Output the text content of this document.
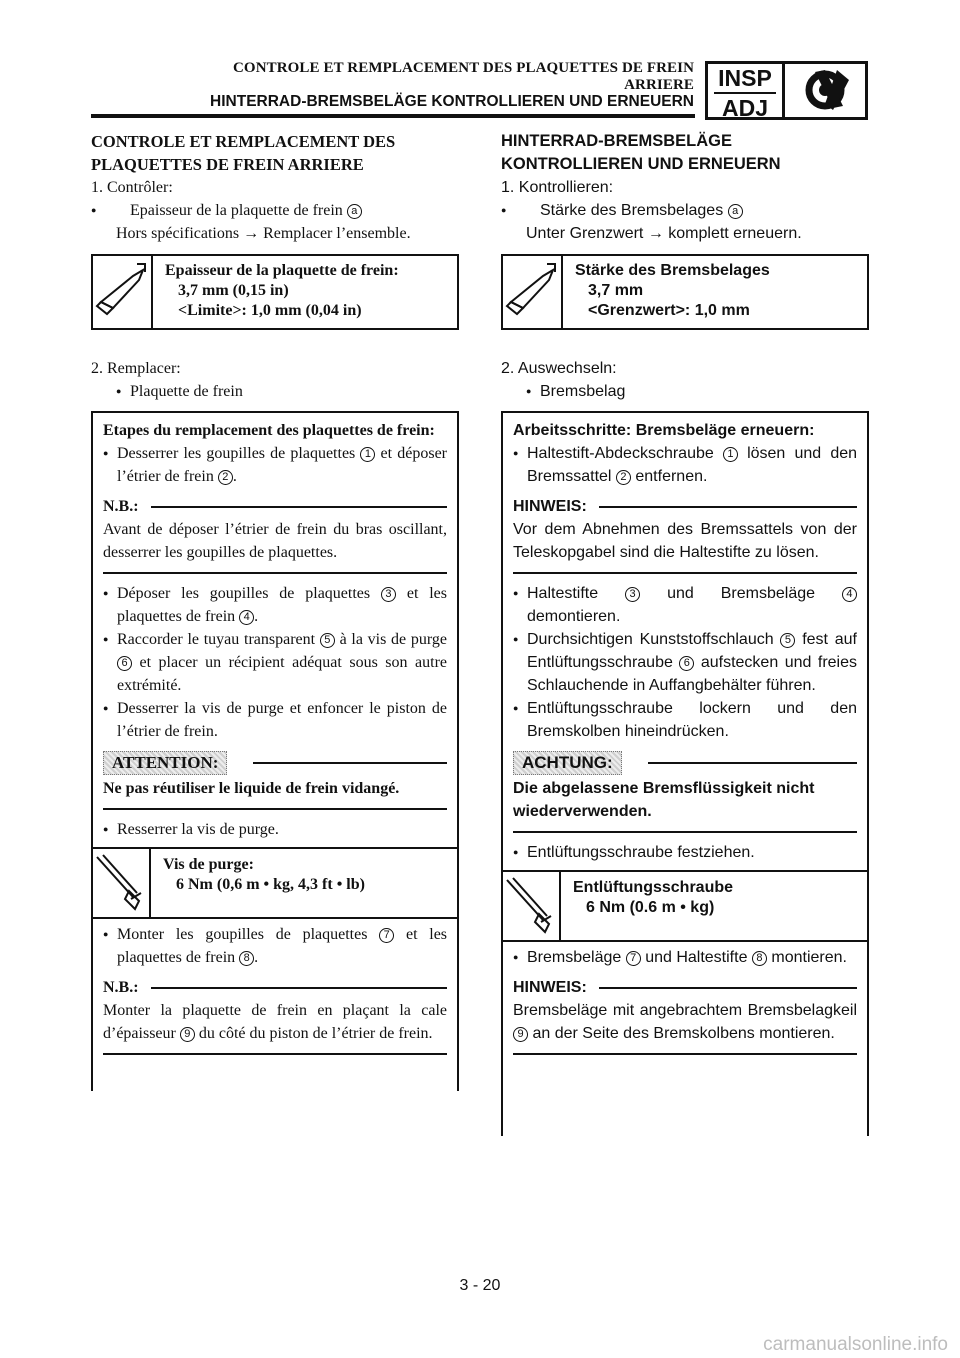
CONTROLE ET REMPLACEMENT DES PLAQUETTES DE FREIN
ARRIERE
HINTERRAD-BREMSBELÄGE KONTROLLIEREN UND ERNEUERN
INSP
ADJ
CONTROLE ET REMPLACEMENT DES
PLAQUETTES DE FREIN ARRIERE
1. Contrôler:
● Epaisseur de la plaquette de frein a
Hors spécifications → Remplacer l’ensemble.
Epaisseur de la plaquette de frein:
3,7 mm (0,15 in)
<Limite>: 1,0 mm (0,04 in)
2. Remplacer:
● Plaquette de frein
Etapes du remplacement des plaquettes de frein:
● Desserrer les goupilles de plaquettes 1 et déposer l’étrier de frein 2 .
N.B.:
Avant de déposer l’étrier de frein du bras oscillant, desserrer les goupilles de plaquettes.
● Déposer les goupilles de plaquettes 3 et les plaquettes de frein 4 .
● Raccorder le tuyau transparent 5 à la vis de purge 6 et placer un récipient adéquat sous son autre extrémité.
● Desserrer la vis de purge et enfoncer le piston de l’étrier de frein.
ATTENTION:
Ne pas réutiliser le liquide de frein vidangé.
● Resserrer la vis de purge.
Vis de purge:
6 Nm (0,6 m • kg, 4,3 ft • lb)
● Monter les goupilles de plaquettes 7 et les plaquettes de frein 8 .
N.B.:
Monter la plaquette de frein en plaçant la cale d’épaisseur 9 du côté du piston de l’étrier de frein.
HINTERRAD-BREMSBELÄGE
KONTROLLIEREN UND ERNEUERN
1. Kontrollieren:
● Stärke des Bremsbelages a
Unter Grenzwert → komplett erneuern.
Stärke des Bremsbelages
3,7 mm
<Grenzwert>: 1,0 mm
2. Auswechseln:
● Bremsbelag
Arbeitsschritte: Bremsbeläge erneuern:
● Haltestift-Abdeckschraube 1 lösen und den Bremssattel 2 entfernen.
HINWEIS:
Vor dem Abnehmen des Bremssattels von der Teleskopgabel sind die Haltestifte zu lösen.
● Haltestifte	3 und Bremsbeläge	4 demontieren.
● Durchsichtigen Kunststoffschlauch 5 fest auf Entlüftungsschraube 6 aufstecken und freies Schlauchende in Auffangbehälter führen.
● Entlüftungsschraube lockern und den Bremskolben hineindrücken.
ACHTUNG:
Die abgelassene Bremsflüssigkeit nicht wiederverwenden.
● Entlüftungsschraube festziehen.
Entlüftungsschraube
6 Nm (0.6 m • kg)
● Bremsbeläge 7 und Haltestifte 8 montieren.
HINWEIS:
Bremsbeläge mit angebrachtem Bremsbelagkeil 9 an der Seite des Bremskolbens montieren.
3 - 20
carmanualsonline.info
